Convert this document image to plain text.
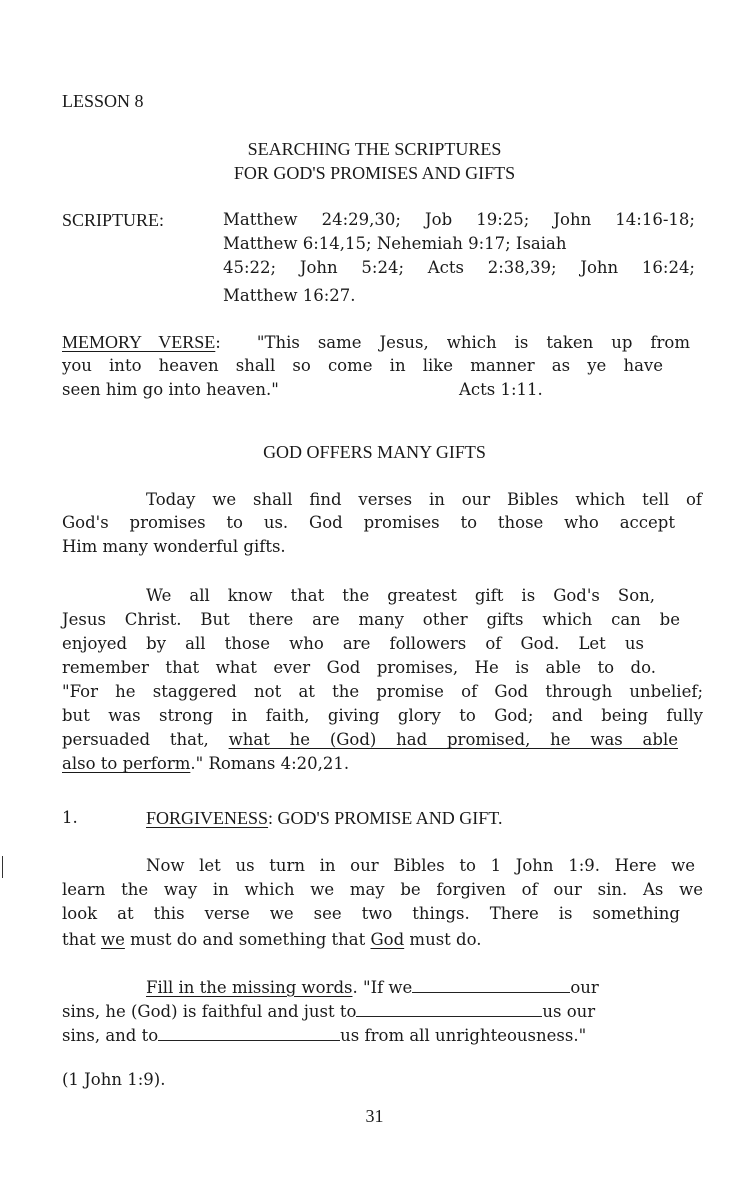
LESSON 8
SEARCHING THE SCRIPTURES
FOR GOD'S PROMISES AND GIFTS
SCRIPTURE:	Matthew 24:29,30; Job 19:25; John 14:16-18;
Matthew 6:14,15; Nehemiah 9:17; Isaiah
45:22; John 5:24; Acts 2:38,39; John 16:24;
Matthew 16:27.
MEMORY VERSE: "This same Jesus, which is taken up from
you into heaven shall so come in like manner as ye have
seen him go into heaven."	Acts 1:11.
GOD OFFERS MANY GIFTS
Today we shall find verses in our Bibles which tell of
God's promises to us. God promises to those who accept
Him many wonderful gifts.
We all know that the greatest gift is God's Son,
Jesus Christ. But there are many other gifts which can be
enjoyed by all those who are followers of God. Let us
remember that what ever God promises, He is able to do.
"For he staggered not at the promise of God through unbelief;
but was strong in faith, giving glory to God; and being fully
persuaded that, what he (God) had promised, he was able
also to perform." Romans 4:20,21.
1.	FORGIVENESS: GOD'S PROMISE AND GIFT.
Now let us turn in our Bibles to 1 John 1:9. Here we
learn the way in which we may be forgiven of our sin. As we
look at this verse we see two things. There is something
that we must do and something that God must do.
Fill in the missing words. "If we	our
sins, he (God) is faithful and just to	us our
sins, and to	us from all unrighteousness."
(1 John 1:9).
31
